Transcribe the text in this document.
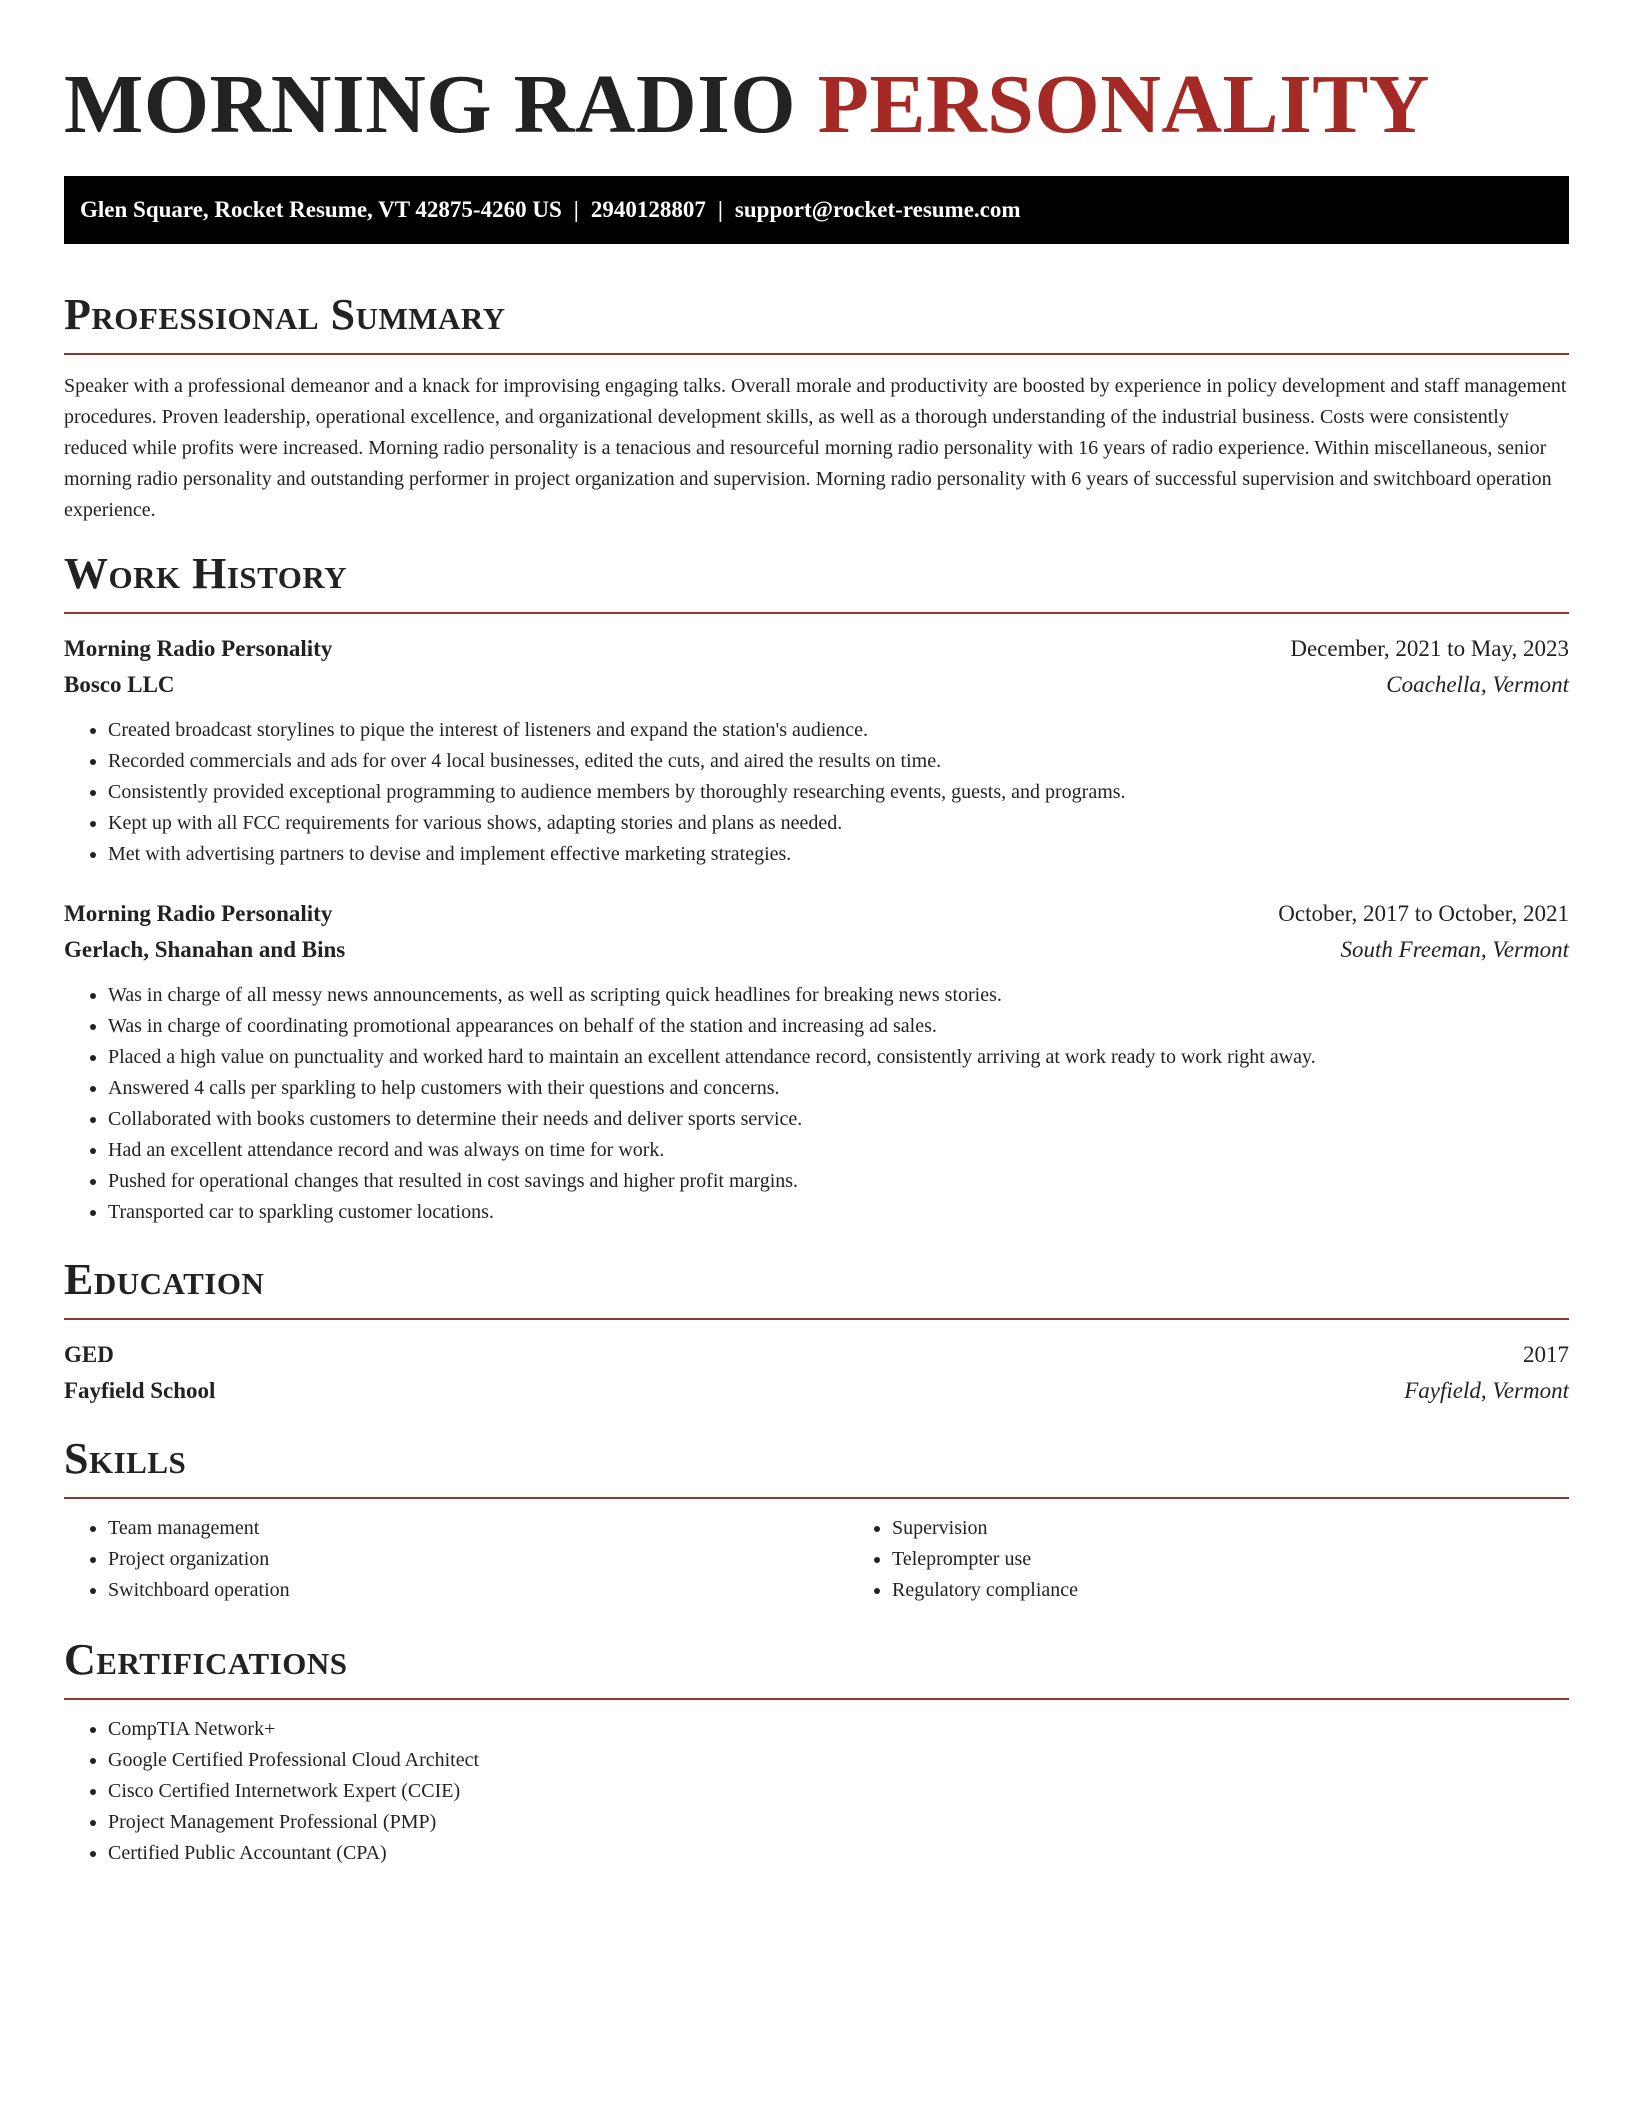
MORNING RADIO PERSONALITY
Glen Square, Rocket Resume, VT 42875-4260 US | 2940128807 | support@rocket-resume.com
Professional Summary

Speaker with a professional demeanor and a knack for improvising engaging talks. Overall morale and productivity are boosted by experience in policy development and staff management procedures. Proven leadership, operational excellence, and organizational development skills, as well as a thorough understanding of the industrial business. Costs were consistently reduced while profits were increased. Morning radio personality is a tenacious and resourceful morning radio personality with 16 years of radio experience. Within miscellaneous, senior morning radio personality and outstanding performer in project organization and supervision. Morning radio personality with 6 years of successful supervision and switchboard operation experience.

Work History
Morning Radio Personality	December, 2021 to May, 2023
Bosco LLC	Coachella, Vermont
• Created broadcast storylines to pique the interest of listeners and expand the station's audience.
• Recorded commercials and ads for over 4 local businesses, edited the cuts, and aired the results on time.
• Consistently provided exceptional programming to audience members by thoroughly researching events, guests, and programs.
• Kept up with all FCC requirements for various shows, adapting stories and plans as needed.
• Met with advertising partners to devise and implement effective marketing strategies.
Morning Radio Personality	October, 2017 to October, 2021
Gerlach, Shanahan and Bins	South Freeman, Vermont
• Was in charge of all messy news announcements, as well as scripting quick headlines for breaking news stories.
• Was in charge of coordinating promotional appearances on behalf of the station and increasing ad sales.
• Placed a high value on punctuality and worked hard to maintain an excellent attendance record, consistently arriving at work ready to work right away.
• Answered 4 calls per sparkling to help customers with their questions and concerns.
• Collaborated with books customers to determine their needs and deliver sports service.
• Had an excellent attendance record and was always on time for work.
• Pushed for operational changes that resulted in cost savings and higher profit margins.
• Transported car to sparkling customer locations.
Education
GED	2017
Fayfield School	Fayfield, Vermont
Skills
• Team management
• Project organization
• Switchboard operation
• Supervision
• Teleprompter use
• Regulatory compliance
Certifications
• CompTIA Network+
• Google Certified Professional Cloud Architect
• Cisco Certified Internetwork Expert (CCIE)
• Project Management Professional (PMP)
• Certified Public Accountant (CPA)
